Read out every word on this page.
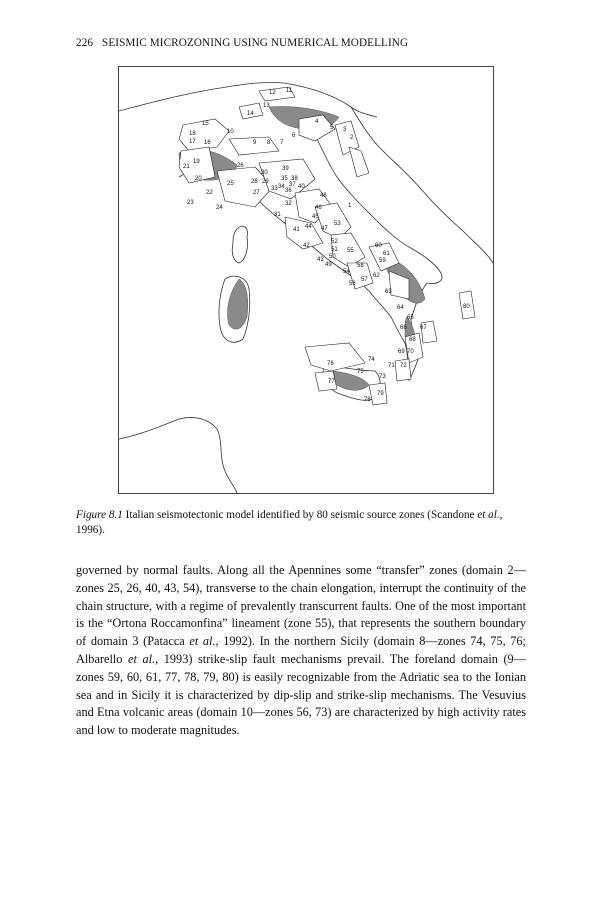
226 SEISMIC MICROZONING USING NUMERICAL MODELLING
1
2
3
4
5
6
7
8
9
10
11
12
13
14
15
16
17
18
19
20
21
22
23
24
25
26
27
28 29
30
31
32
33 34
35
36
37
38
39
40
41
42
43
44
45
46
47
48
49
50
51
52
53
54
55
56
57
58
59
60
61
62
63
64
65
66 67
68
69 70
71 72
73
74
75
76
77
78
79
80
Figure 8.1 Italian seismotectonic model identified by 80 seismic source zones (Scandone et al., 1996).
governed by normal faults. Along all the Apennines some “transfer” zones (domain 2—zones 25, 26, 40, 43, 54), transverse to the chain elongation, interrupt the continuity of the chain structure, with a regime of prevalently transcurrent faults. One of the most important is the “Ortona Roccamonfina” lineament (zone 55), that represents the southern boundary of domain 3 (Patacca et al., 1992). In the northern Sicily (domain 8—zones 74, 75, 76; Albarello et al., 1993) strike-slip fault mechanisms prevail. The foreland domain (9—zones 59, 60, 61, 77, 78, 79, 80) is easily recognizable from the Adriatic sea to the Ionian sea and in Sicily it is characterized by dip-slip and strike-slip mechanisms. The Vesuvius and Etna volcanic areas (domain 10—zones 56, 73) are characterized by high activity rates and low to moderate magnitudes.
